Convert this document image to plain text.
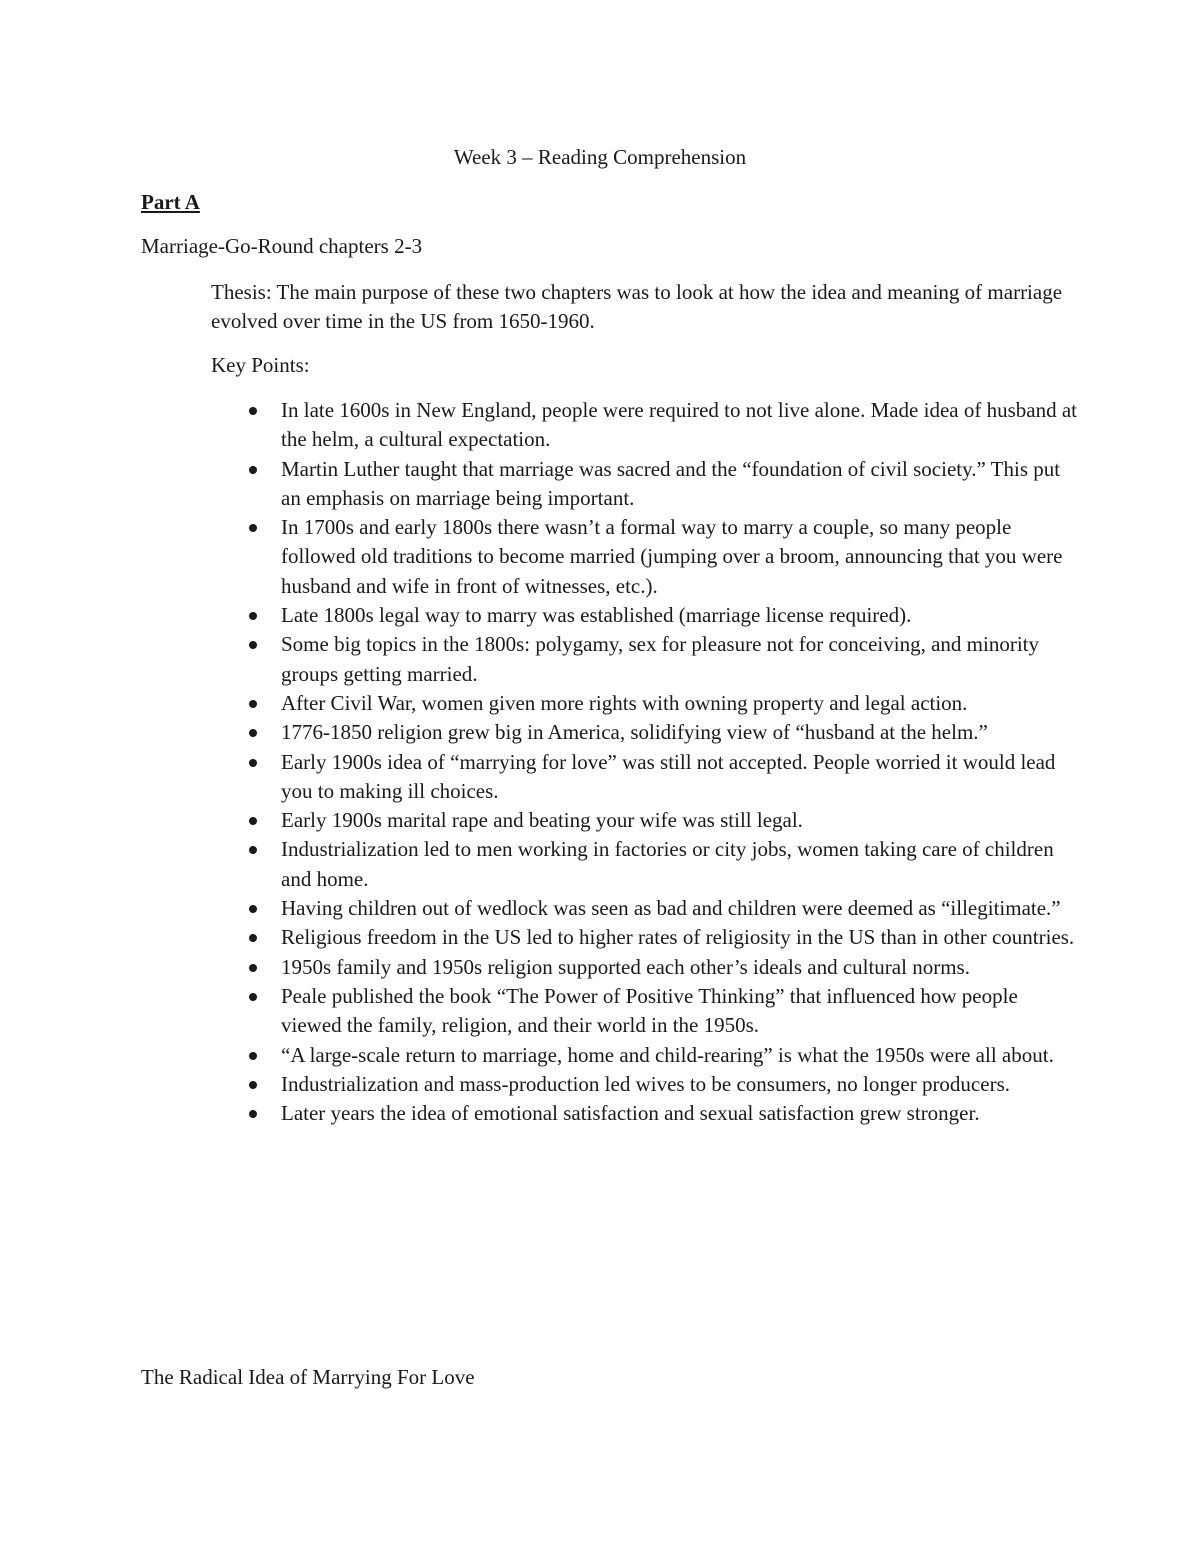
Week 3 – Reading Comprehension
Part A
Marriage-Go-Round chapters 2-3
Thesis: The main purpose of these two chapters was to look at how the idea and meaning of marriage evolved over time in the US from 1650-1960.
Key Points:
In late 1600s in New England, people were required to not live alone. Made idea of husband at the helm, a cultural expectation.
Martin Luther taught that marriage was sacred and the “foundation of civil society.” This put an emphasis on marriage being important.
In 1700s and early 1800s there wasn’t a formal way to marry a couple, so many people followed old traditions to become married (jumping over a broom, announcing that you were husband and wife in front of witnesses, etc.).
Late 1800s legal way to marry was established (marriage license required).
Some big topics in the 1800s: polygamy, sex for pleasure not for conceiving, and minority groups getting married.
After Civil War, women given more rights with owning property and legal action.
1776-1850 religion grew big in America, solidifying view of “husband at the helm.”
Early 1900s idea of “marrying for love” was still not accepted. People worried it would lead you to making ill choices.
Early 1900s marital rape and beating your wife was still legal.
Industrialization led to men working in factories or city jobs, women taking care of children and home.
Having children out of wedlock was seen as bad and children were deemed as “illegitimate.”
Religious freedom in the US led to higher rates of religiosity in the US than in other countries.
1950s family and 1950s religion supported each other’s ideals and cultural norms.
Peale published the book “The Power of Positive Thinking” that influenced how people viewed the family, religion, and their world in the 1950s.
“A large-scale return to marriage, home and child-rearing” is what the 1950s were all about.
Industrialization and mass-production led wives to be consumers, no longer producers.
Later years the idea of emotional satisfaction and sexual satisfaction grew stronger.
The Radical Idea of Marrying For Love
